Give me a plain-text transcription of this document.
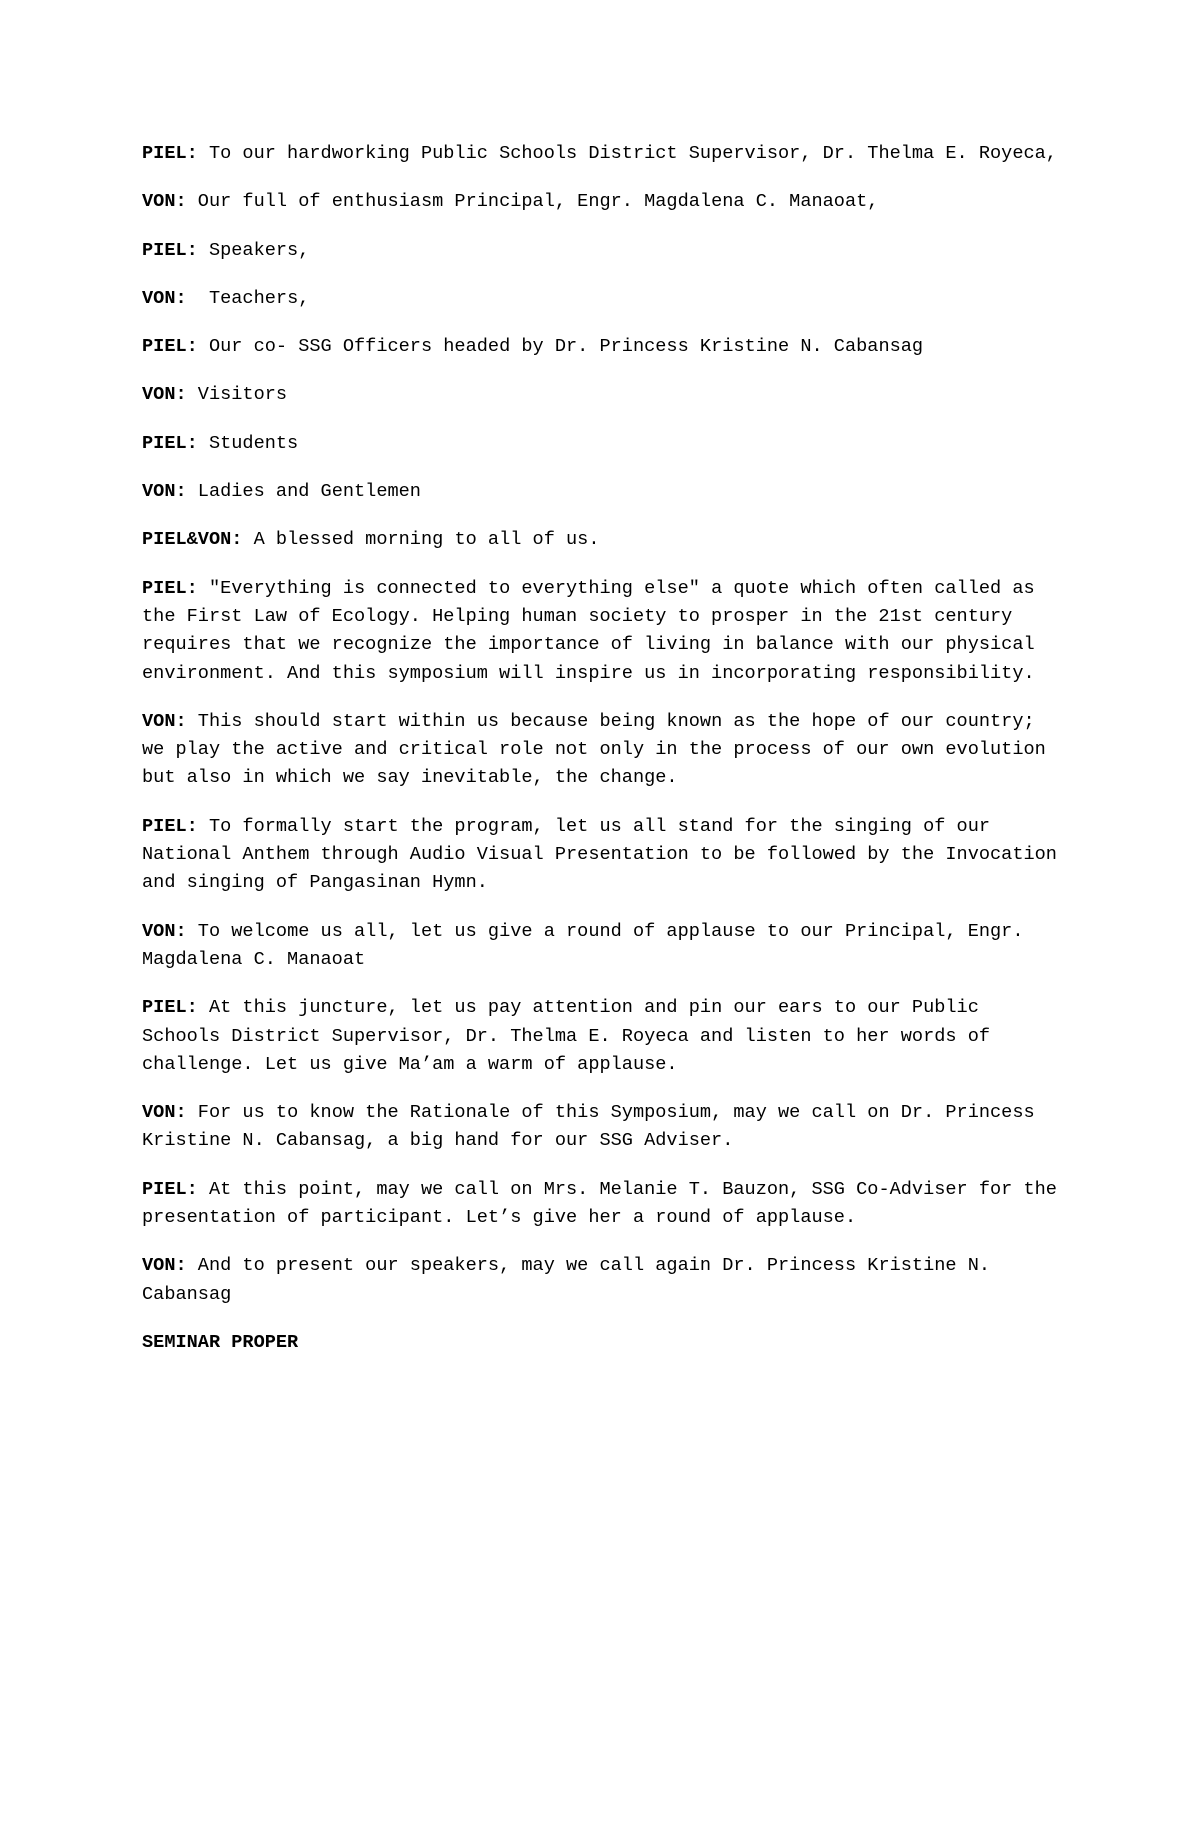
PIEL: To our hardworking Public Schools District Supervisor, Dr. Thelma E. Royeca,

VON: Our full of enthusiasm Principal, Engr. Magdalena C. Manaoat,

PIEL: Speakers,

VON:  Teachers,

PIEL: Our co- SSG Officers headed by Dr. Princess Kristine N. Cabansag

VON: Visitors

PIEL: Students

VON: Ladies and Gentlemen

PIEL&VON: A blessed morning to all of us.

PIEL: "Everything is connected to everything else" a quote which often called as the First Law of Ecology. Helping human society to prosper in the 21st century requires that we recognize the importance of living in balance with our physical environment. And this symposium will inspire us in incorporating responsibility.

VON: This should start within us because being known as the hope of our country; we play the active and critical role not only in the process of our own evolution but also in which we say inevitable, the change.

PIEL: To formally start the program, let us all stand for the singing of our National Anthem through Audio Visual Presentation to be followed by the Invocation and singing of Pangasinan Hymn.

VON: To welcome us all, let us give a round of applause to our Principal, Engr. Magdalena C. Manaoat

PIEL: At this juncture, let us pay attention and pin our ears to our Public Schools District Supervisor, Dr. Thelma E. Royeca and listen to her words of challenge. Let us give Ma’am a warm of applause.

VON: For us to know the Rationale of this Symposium, may we call on Dr. Princess Kristine N. Cabansag, a big hand for our SSG Adviser.

PIEL: At this point, may we call on Mrs. Melanie T. Bauzon, SSG Co-Adviser for the presentation of participant. Let’s give her a round of applause.

VON: And to present our speakers, may we call again Dr. Princess Kristine N. Cabansag

SEMINAR PROPER
